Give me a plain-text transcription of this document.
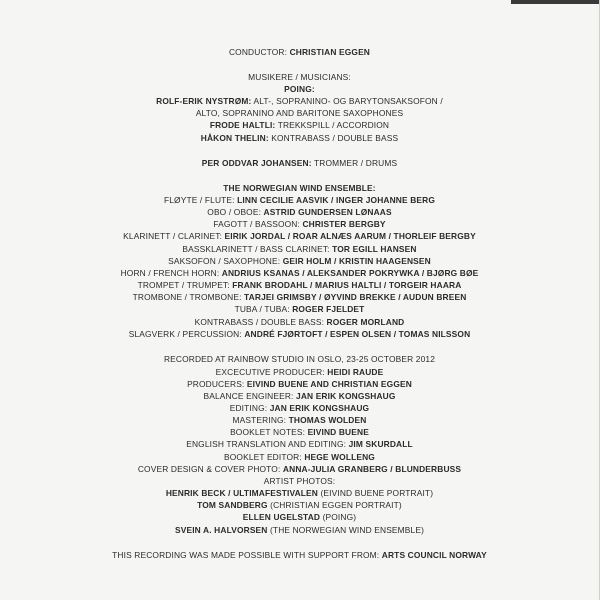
CONDUCTOR: CHRISTIAN EGGEN
MUSIKERE / MUSICIANS:
POING:
ROLF-ERIK NYSTRØM: ALT-, SOPRANINO- OG BARYTONSAKSOFON /
ALTO, SOPRANINO AND BARITONE SAXOPHONES
FRODE HALTLI: TREKKSPILL / ACCORDION
HÅKON THELIN: KONTRABASS / DOUBLE BASS
PER ODDVAR JOHANSEN: TROMMER / DRUMS
THE NORWEGIAN WIND ENSEMBLE:
FLØYTE / FLUTE: LINN CECILIE AASVIK / INGER JOHANNE BERG
OBO / OBOE: ASTRID GUNDERSEN LØNAAS
FAGOTT / BASSOON: CHRISTER BERGBY
KLARINETT / CLARINET: EIRIK JORDAL / ROAR ALNÆS AARUM / THORLEIF BERGBY
BASSKLARINETT / BASS CLARINET: TOR EGILL HANSEN
SAKSOFON / SAXOPHONE: GEIR HOLM / KRISTIN HAAGENSEN
HORN / FRENCH HORN: ANDRIUS KSANAS / ALEKSANDER POKRYWKA / BJØRG BØE
TROMPET / TRUMPET: FRANK BRODAHL / MARIUS HALTLI / TORGEIR HAARA
TROMBONE / TROMBONE: TARJEI GRIMSBY / ØYVIND BREKKE / AUDUN BREEN
TUBA / TUBA: ROGER FJELDET
KONTRABASS / DOUBLE BASS: ROGER MORLAND
SLAGVERK / PERCUSSION: ANDRÉ FJØRTOFT / ESPEN OLSEN / TOMAS NILSSON
RECORDED AT RAINBOW STUDIO IN OSLO, 23-25 OCTOBER 2012
EXCECUTIVE PRODUCER: HEIDI RAUDE
PRODUCERS: EIVIND BUENE AND CHRISTIAN EGGEN
BALANCE ENGINEER: JAN ERIK KONGSHAUG
EDITING: JAN ERIK KONGSHAUG
MASTERING: THOMAS WOLDEN
BOOKLET NOTES: EIVIND BUENE
ENGLISH TRANSLATION AND EDITING: JIM SKURDALL
BOOKLET EDITOR: HEGE WOLLENG
COVER DESIGN & COVER PHOTO: ANNA-JULIA GRANBERG / BLUNDERBUSS
ARTIST PHOTOS:
HENRIK BECK / ULTIMAFESTIVALEN (EIVIND BUENE PORTRAIT)
TOM SANDBERG (CHRISTIAN EGGEN PORTRAIT)
ELLEN UGELSTAD (POING)
SVEIN A. HALVORSEN (THE NORWEGIAN WIND ENSEMBLE)
THIS RECORDING WAS MADE POSSIBLE WITH SUPPORT FROM: ARTS COUNCIL NORWAY
